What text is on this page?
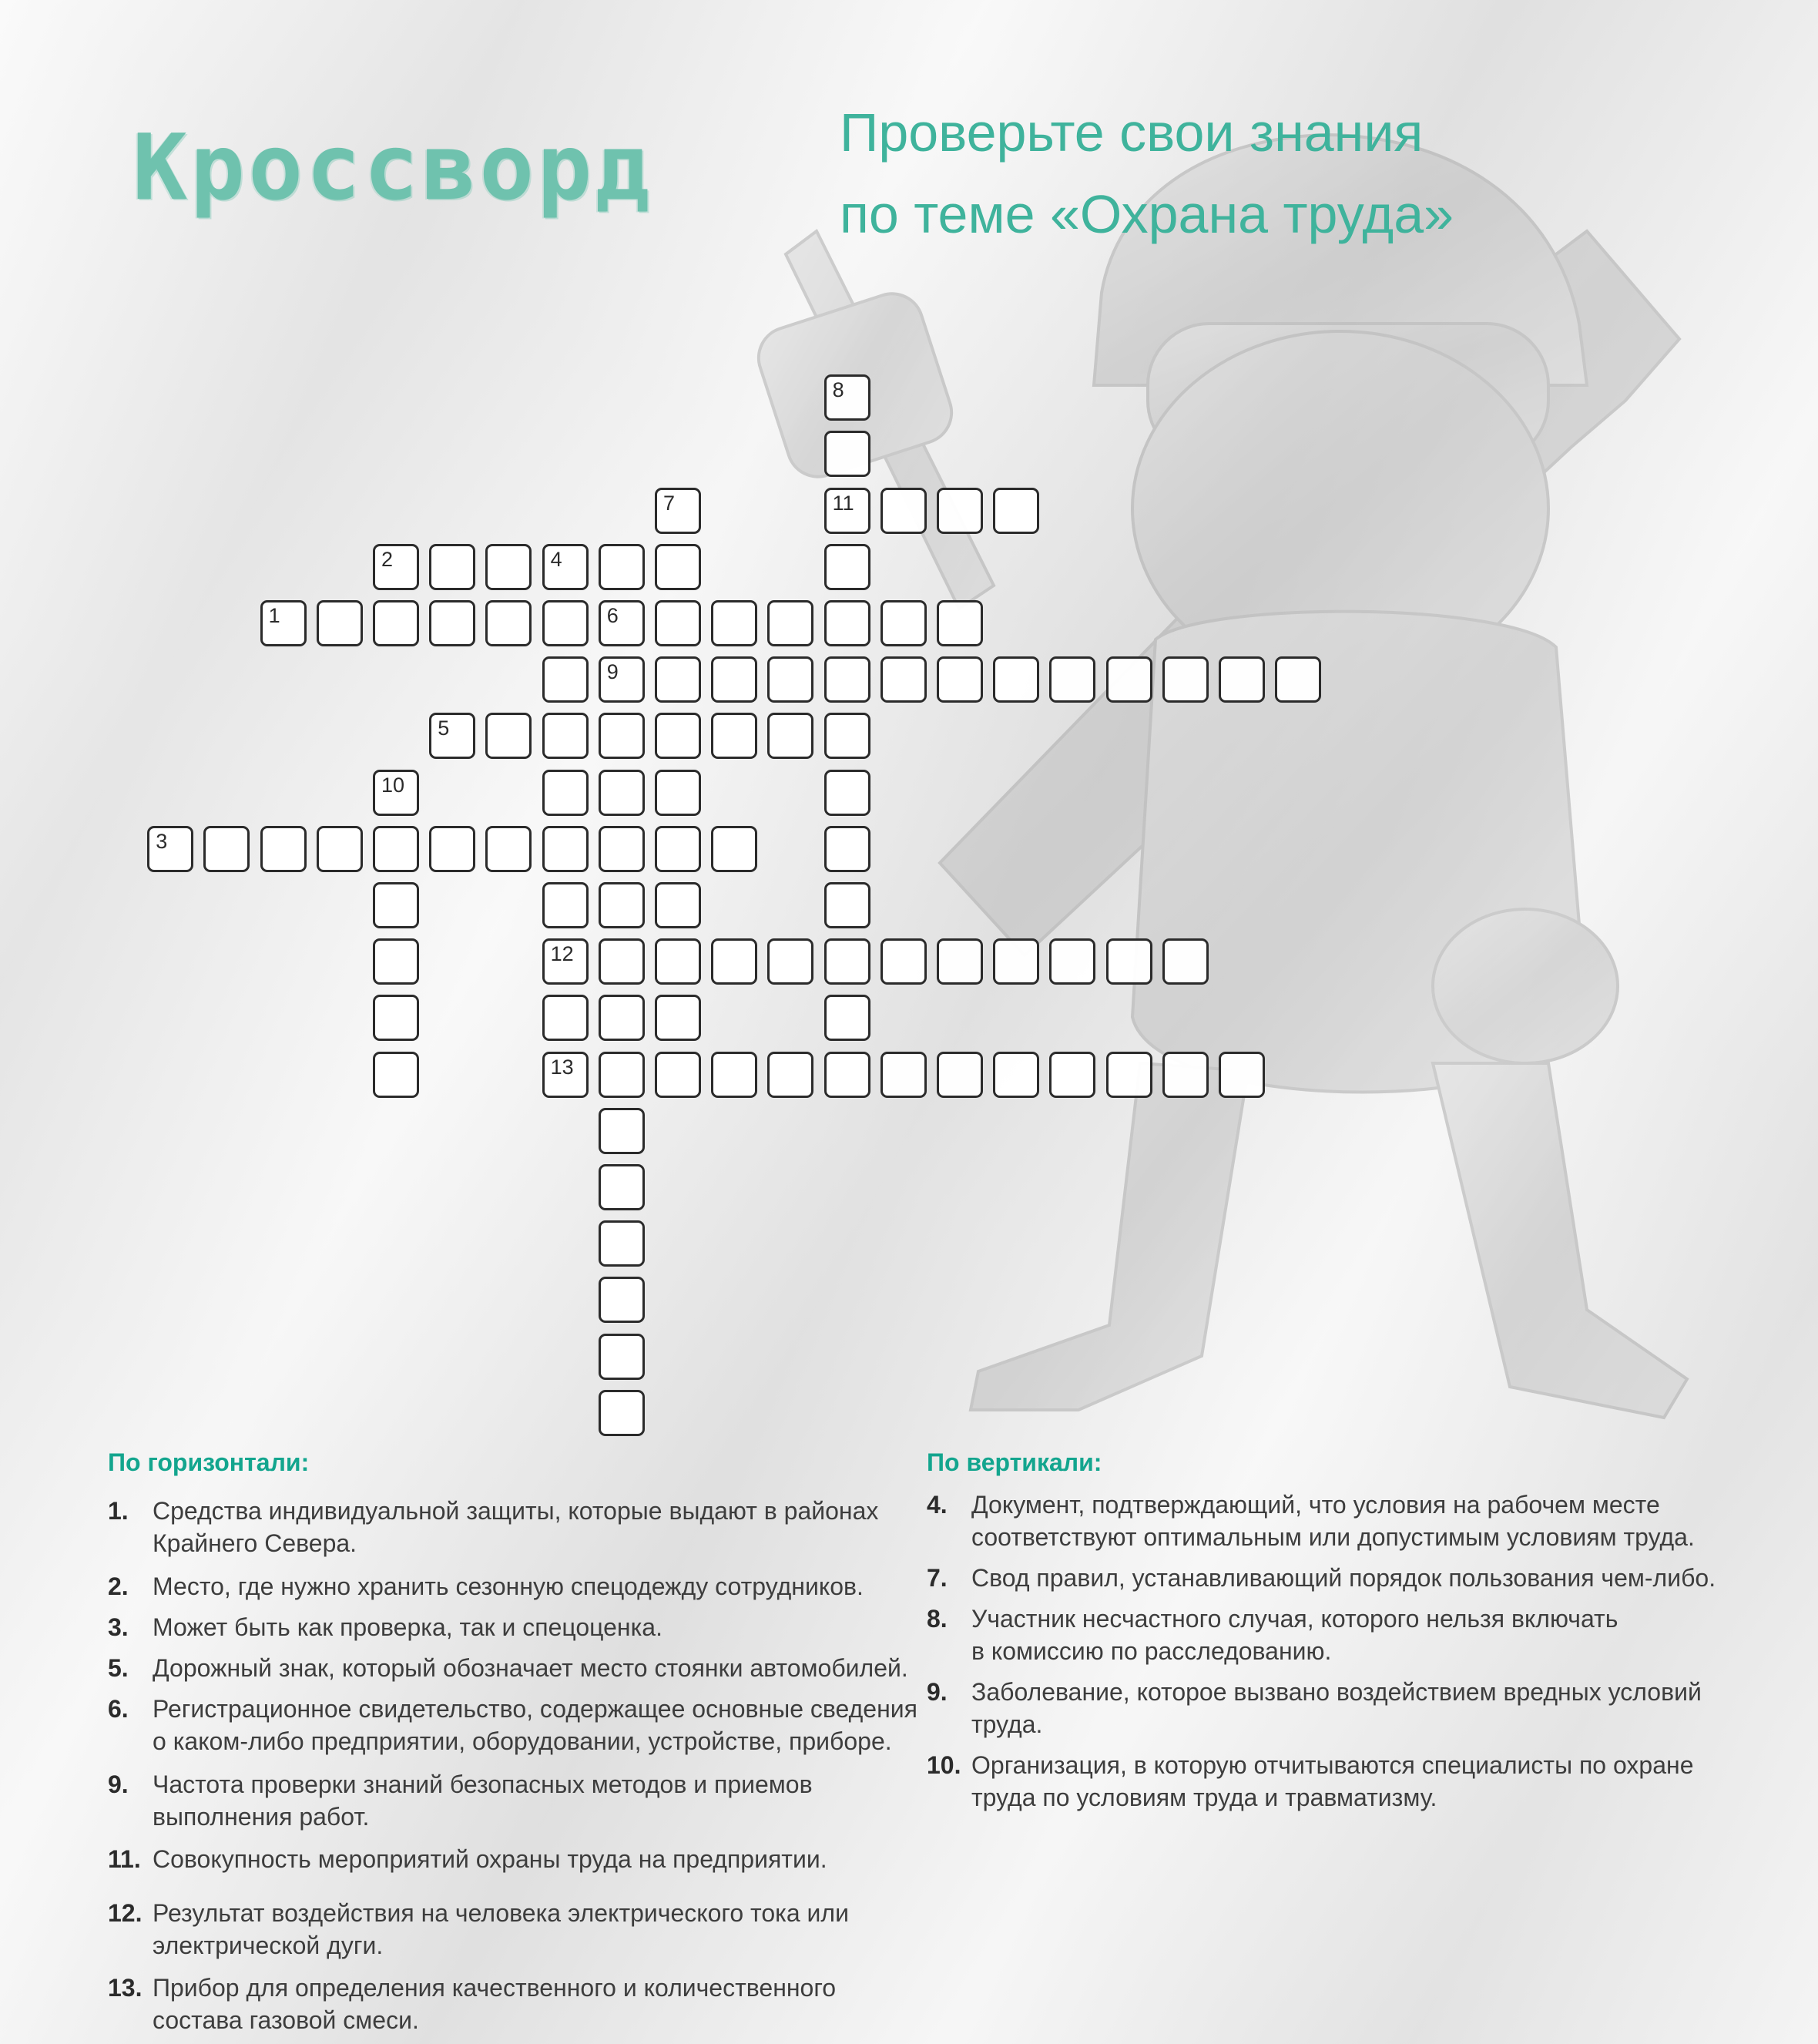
Кроссворд	Проверьте свои знания
по теме «Охрана труда»
1	6
2	4
3
12
5
7
8
11
9
10
13
По горизонтали:
1. Средства индивидуальной защиты, которые выдают в районах Крайнего Севера.
2. Место, где нужно хранить сезонную спецодежду сотрудников.
3. Может быть как проверка, так и спецоценка.
5. Дорожный знак, который обозначает место стоянки автомобилей.
6. Регистрационное свидетельство, содержащее основные сведения о каком-либо предприятии, оборудовании, устройстве, приборе.
9. Частота проверки знаний безопасных методов и приемов выполнения работ.
11. Совокупность мероприятий охраны труда на предприятии.
12. Результат воздействия на человека электрического тока или электрической дуги.
13. Прибор для определения качественного и количественного состава газовой смеси.
По вертикали:
4. Документ, подтверждающий, что условия на рабочем месте соответствуют оптимальным или допустимым условиям труда.
7. Свод правил, устанавливающий порядок пользования чем-либо.
8. Участник несчастного случая, которого нельзя включать в комиссию по расследованию.
9. Заболевание, которое вызвано воздействием вредных условий труда.
10. Организация, в которую отчитываются специалисты по охране труда по условиям труда и травматизму.
